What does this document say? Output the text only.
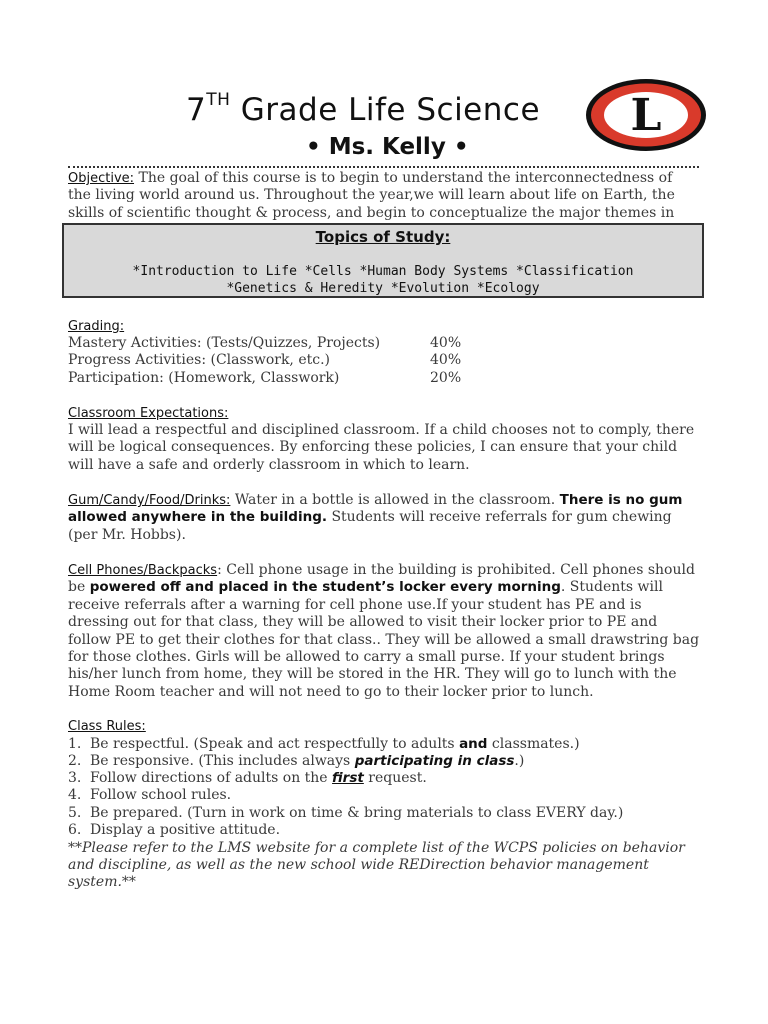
7TH Grade Life Science
• Ms. Kelly •
L
Objective: The goal of this course is to begin to understand the interconnectedness of the living world around us. Throughout the year,we will learn about life on Earth, the skills of scientific thought & process, and begin to conceptualize the major themes in
Topics of Study:
*Introduction to Life *Cells *Human Body Systems *Classification
*Genetics & Heredity *Evolution *Ecology
Grading:
Mastery Activities: (Tests/Quizzes, Projects)	40%
Progress Activities: (Classwork, etc.)	40%
Participation: (Homework, Classwork)	20%
Classroom Expectations:
I will lead a respectful and disciplined classroom. If a child chooses not to comply, there will be logical consequences. By enforcing these policies, I can ensure that your child will have a safe and orderly classroom in which to learn.
Gum/Candy/Food/Drinks: Water in a bottle is allowed in the classroom. There is no gum allowed anywhere in the building. Students will receive referrals for gum chewing (per Mr. Hobbs).
Cell Phones/Backpacks: Cell phone usage in the building is prohibited. Cell phones should be powered off and placed in the student’s locker every morning. Students will receive referrals after a warning for cell phone use.If your student has PE and is dressing out for that class, they will be allowed to visit their locker prior to PE and follow PE to get their clothes for that class.. They will be allowed a small drawstring bag for those clothes. Girls will be allowed to carry a small purse. If your student brings his/her lunch from home, they will be stored in the HR. They will go to lunch with the Home Room teacher and will not need to go to their locker prior to lunch.
Class Rules:
1. Be respectful. (Speak and act respectfully to adults and classmates.)
2. Be responsive. (This includes always participating in class.)
3. Follow directions of adults on the first request.
4. Follow school rules.
5. Be prepared. (Turn in work on time & bring materials to class EVERY day.)
6. Display a positive attitude.
**Please refer to the LMS website for a complete list of the WCPS policies on behavior and discipline, as well as the new school wide REDirection behavior management system.**
